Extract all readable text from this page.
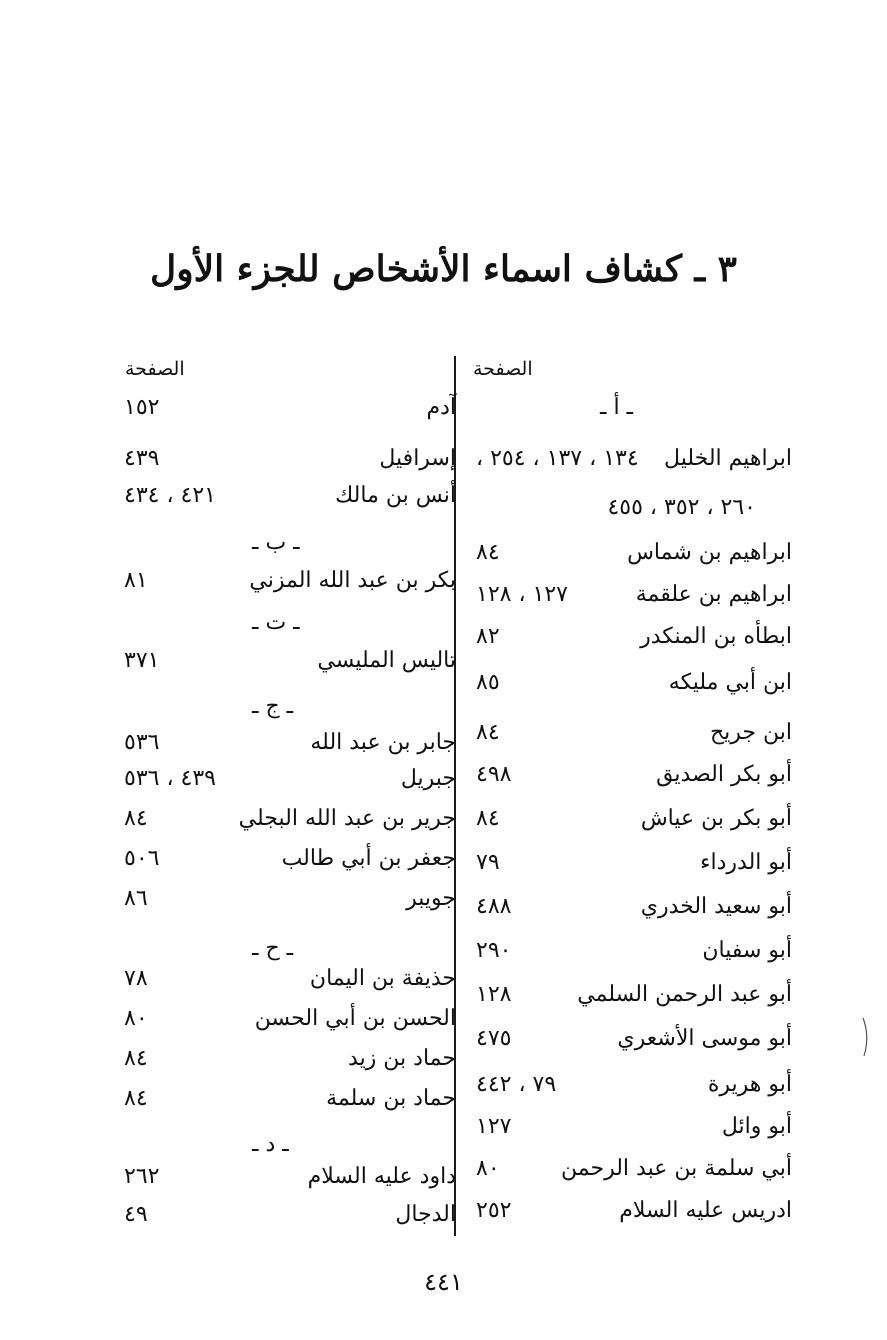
٣ ـ كشاف اسماء الأشخاص للجزء الأول
الصفحة
الصفحة
ـ أ ـ
ابراهيم الخليل
١٣٤ ، ١٣٧ ، ٢٥٤ ،
٢٦٠ ، ٣٥٢ ، ٤٥٥
ابراهيم بن شماس
٨٤
ابراهيم بن علقمة
١٢٧ ، ١٢٨
ابطأه بن المنكدر
٨٢
ابن أبي مليكه
٨٥
ابن جريح
٨٤
أبو بكر الصديق
٤٩٨
أبو بكر بن عياش
٨٤
أبو الدرداء
٧٩
أبو سعيد الخدري
٤٨٨
أبو سفيان
٢٩٠
أبو عبد الرحمن السلمي
١٢٨
أبو موسى الأشعري
٤٧٥
أبو هريرة
٧٩ ، ٤٤٢
أبو وائل
١٢٧
أبي سلمة بن عبد الرحمن
٨٠
ادريس عليه السلام
٢٥٢
آدم
١٥٢
إسرافيل
٤٣٩
أنس بن مالك
٤٢١ ، ٤٣٤
ـ ب ـ
بكر بن عبد الله المزني
٨١
ـ ت ـ
تاليس المليسي
٣٧١
ـ ج ـ
جابر بن عبد الله
٥٣٦
جبريل
٤٣٩ ، ٥٣٦
جرير بن عبد الله البجلي
٨٤
جعفر بن أبي طالب
٥٠٦
جويبر
٨٦
ـ ح ـ
حذيفة بن اليمان
٧٨
الحسن بن أبي الحسن
٨٠
حماد بن زيد
٨٤
حماد بن سلمة
٨٤
ـ د ـ
داود عليه السلام
٢٦٢
الدجال
٤٩
٤٤١
